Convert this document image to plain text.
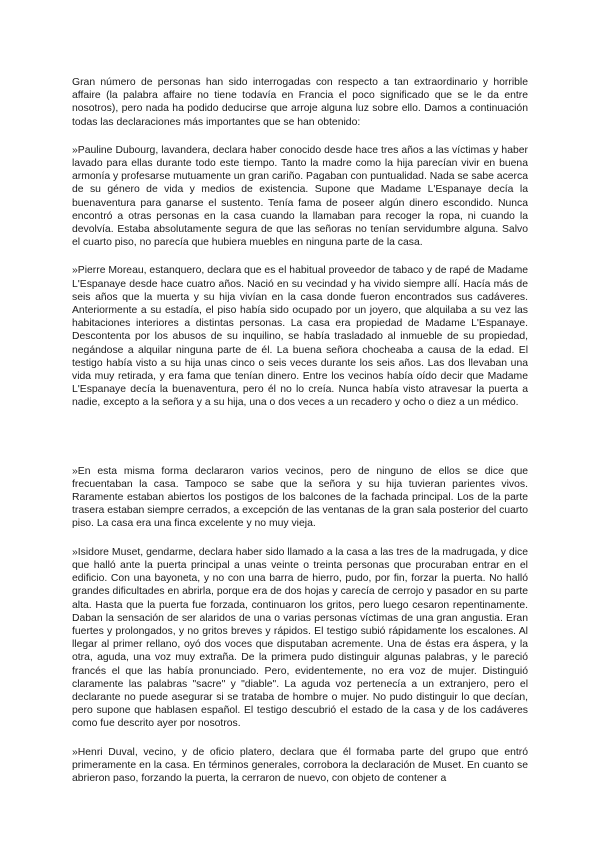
Gran número de personas han sido interrogadas con respecto a tan extraordinario y horrible affaire (la palabra affaire no tiene todavía en Francia el poco significado que se le da entre nosotros), pero nada ha podido deducirse que arroje alguna luz sobre ello. Damos a continuación todas las declaraciones más importantes que se han obtenido:

»Pauline Dubourg, lavandera, declara haber conocido desde hace tres años a las víctimas y haber lavado para ellas durante todo este tiempo. Tanto la madre como la hija parecían vivir en buena armonía y profesarse mutuamente un gran cariño. Pagaban con puntualidad. Nada se sabe acerca de su género de vida y medios de existencia. Supone que Madame L'Espanaye decía la buenaventura para ganarse el sustento. Tenía fama de poseer algún dinero escondido. Nunca encontró a otras personas en la casa cuando la llamaban para recoger la ropa, ni cuando la devolvía. Estaba absolutamente segura de que las señoras no tenían servidumbre alguna. Salvo el cuarto piso, no parecía que hubiera muebles en ninguna parte de la casa.

»Pierre Moreau, estanquero, declara que es el habitual proveedor de tabaco y de rapé de Madame L'Espanaye desde hace cuatro años. Nació en su vecindad y ha vivido siempre allí. Hacía más de seis años que la muerta y su hija vivían en la casa donde fueron encontrados sus cadáveres. Anteriormente a su estadía, el piso había sido ocupado por un joyero, que alquilaba a su vez las habitaciones interiores a distintas personas. La casa era propiedad de Madame L'Espanaye. Descontenta por los abusos de su inquilino, se había trasladado al inmueble de su propiedad, negándose a alquilar ninguna parte de él. La buena señora chocheaba a causa de la edad. El testigo había visto a su hija unas cinco o seis veces durante los seis años. Las dos llevaban una vida muy retirada, y era fama que tenían dinero. Entre los vecinos había oído decir que Madame L'Espanaye decía la buenaventura, pero él no lo creía. Nunca había visto atravesar la puerta a nadie, excepto a la señora y a su hija, una o dos veces a un recadero y ocho o diez a un médico.

»En esta misma forma declararon varios vecinos, pero de ninguno de ellos se dice que frecuentaban la casa. Tampoco se sabe que la señora y su hija tuvieran parientes vivos. Raramente estaban abiertos los postigos de los balcones de la fachada principal. Los de la parte trasera estaban siempre cerrados, a excepción de las ventanas de la gran sala posterior del cuarto piso. La casa era una finca excelente y no muy vieja.

»Isidore Muset, gendarme, declara haber sido llamado a la casa a las tres de la madrugada, y dice que halló ante la puerta principal a unas veinte o treinta personas que procuraban entrar en el edificio. Con una bayoneta, y no con una barra de hierro, pudo, por fin, forzar la puerta. No halló grandes dificultades en abrirla, porque era de dos hojas y carecía de cerrojo y pasador en su parte alta. Hasta que la puerta fue forzada, continuaron los gritos, pero luego cesaron repentinamente. Daban la sensación de ser alaridos de una o varias personas víctimas de una gran angustia. Eran fuertes y prolongados, y no gritos breves y rápidos. El testigo subió rápidamente los escalones. Al llegar al primer rellano, oyó dos voces que disputaban acremente. Una de éstas era áspera, y la otra, aguda, una voz muy extraña. De la primera pudo distinguir algunas palabras, y le pareció francés el que las había pronunciado. Pero, evidentemente, no era voz de mujer. Distinguió claramente las palabras "sacre" y "diable". La aguda voz pertenecía a un extranjero, pero el declarante no puede asegurar si se trataba de hombre o mujer. No pudo distinguir lo que decían, pero supone que hablasen español. El testigo descubrió el estado de la casa y de los cadáveres como fue descrito ayer por nosotros.

»Henri Duval, vecino, y de oficio platero, declara que él formaba parte del grupo que entró primeramente en la casa. En términos generales, corrobora la declaración de Muset. En cuanto se abrieron paso, forzando la puerta, la cerraron de nuevo, con objeto de contener a
